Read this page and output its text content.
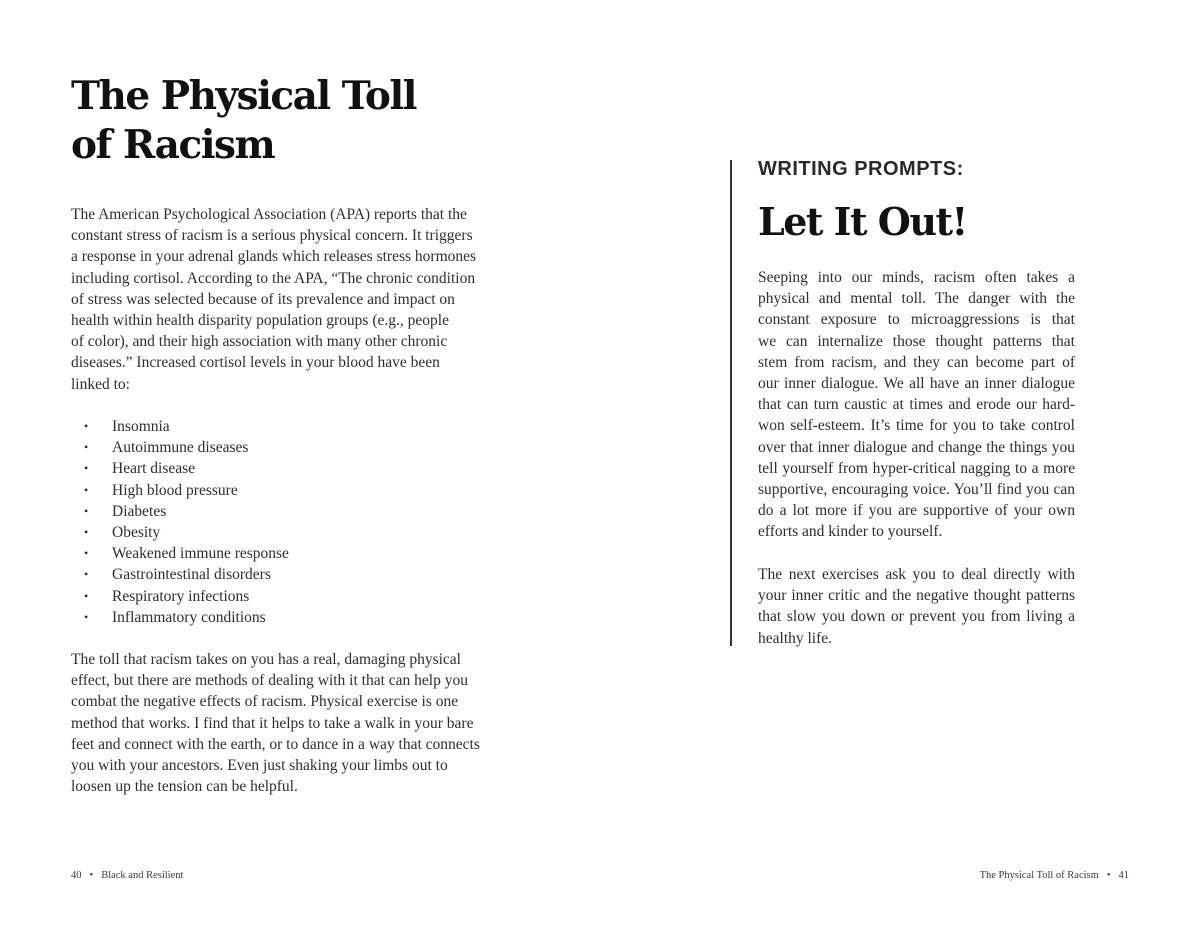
The Physical Toll
of Racism

The American Psychological Association (APA) reports that the
constant stress of racism is a serious physical concern. It triggers
a response in your adrenal glands which releases stress hormones
including cortisol. According to the APA, “The chronic condition
of stress was selected because of its prevalence and impact on
health within health disparity population groups (e.g., people
of color), and their high association with many other chronic
diseases.” Increased cortisol levels in your blood have been
linked to:

• Insomnia
• Autoimmune diseases
• Heart disease
• High blood pressure
• Diabetes
• Obesity
• Weakened immune response
• Gastrointestinal disorders
• Respiratory infections
• Inflammatory conditions

The toll that racism takes on you has a real, damaging physical
effect, but there are methods of dealing with it that can help you
combat the negative effects of racism. Physical exercise is one
method that works. I find that it helps to take a walk in your bare
feet and connect with the earth, or to dance in a way that connects
you with your ancestors. Even just shaking your limbs out to
loosen up the tension can be helpful.

40 • Black and Resilient
WRITING PROMPTS:
Let It Out!

Seeping into our minds, racism often takes a
physical and mental toll. The danger with the
constant exposure to microaggressions is that
we can internalize those thought patterns that
stem from racism, and they can become part of
our inner dialogue. We all have an inner dialogue
that can turn caustic at times and erode our hard-
won self-esteem. It’s time for you to take control
over that inner dialogue and change the things you
tell yourself from hyper-critical nagging to a more
supportive, encouraging voice. You’ll find you can
do a lot more if you are supportive of your own
efforts and kinder to yourself.

The next exercises ask you to deal directly with
your inner critic and the negative thought patterns
that slow you down or prevent you from living a
healthy life.

The Physical Toll of Racism • 41
